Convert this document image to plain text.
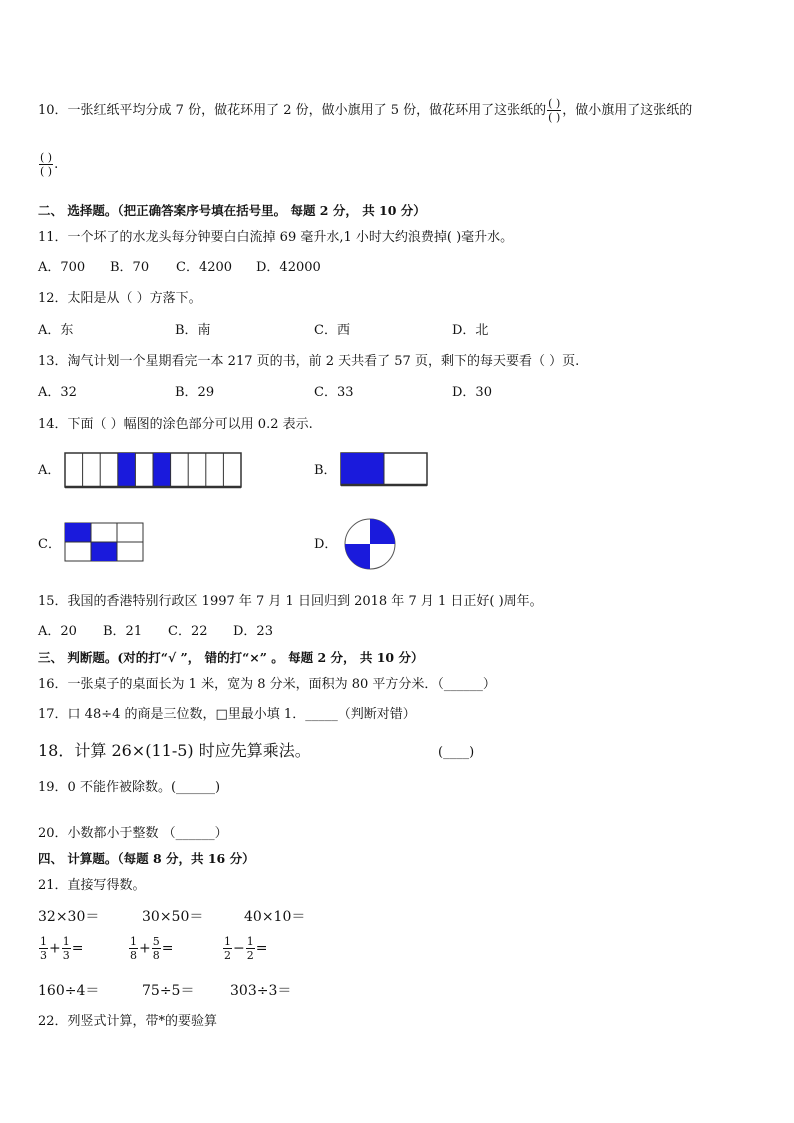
10．一张红纸平均分成 7 份，做花环用了 2 份，做小旗用了 5 份，做花环用了这张纸的 $\frac{( )}{( )}$ ，做小旗用了这张纸的
$\frac{( )}{( )}$ .
二、 选择题。（把正确答案序号填在括号里。 每题 2 分， 共 10 分）
11．一个坏了的水龙头每分钟要白白流掉 69 毫升水,1 小时大约浪费掉( )毫升水。
A．700 B．70 C．4200 D．42000
12．太阳是从（ ）方落下。
A．东	B．南	C．西	D．北
13．淘气计划一个星期看完一本 217 页的书，前 2 天共看了 57 页，剩下的每天要看（ ）页.
A．32	B．29	C．33	D．30
14．下面（ ）幅图的涂色部分可以用 0.2 表示.
A．	B．
C．	D．
15．我国的香港特别行政区 1997 年 7 月 1 日回归到 2018 年 7 月 1 日正好( )周年。
A．20 B．21 C．22 D．23
三、 判断题。(对的打“√ ”， 错的打“×” 。 每题 2 分， 共 10 分）
16．一张桌子的桌面长为 1 米，宽为 8 分米，面积为 80 平方分米．（______）
17．口 48÷4 的商是三位数，□里最小填 1．_____（判断对错）
18．计算 26×(11-5) 时应先算乘法。	(____)
19．0 不能作被除数。(______)
20．小数都小于整数 （______）
四、 计算题。（每题 8 分，共 16 分）
21．直接写得数。
32×30＝	30×50＝	40×10＝
$\frac{1}{3} + \frac{1}{3}$ =	$\frac{1}{8} + \frac{5}{8}$ =	$\frac{1}{2} - \frac{1}{2}$ =
160÷4＝	75÷5＝	303÷3＝
22．列竖式计算，带*的要验算
